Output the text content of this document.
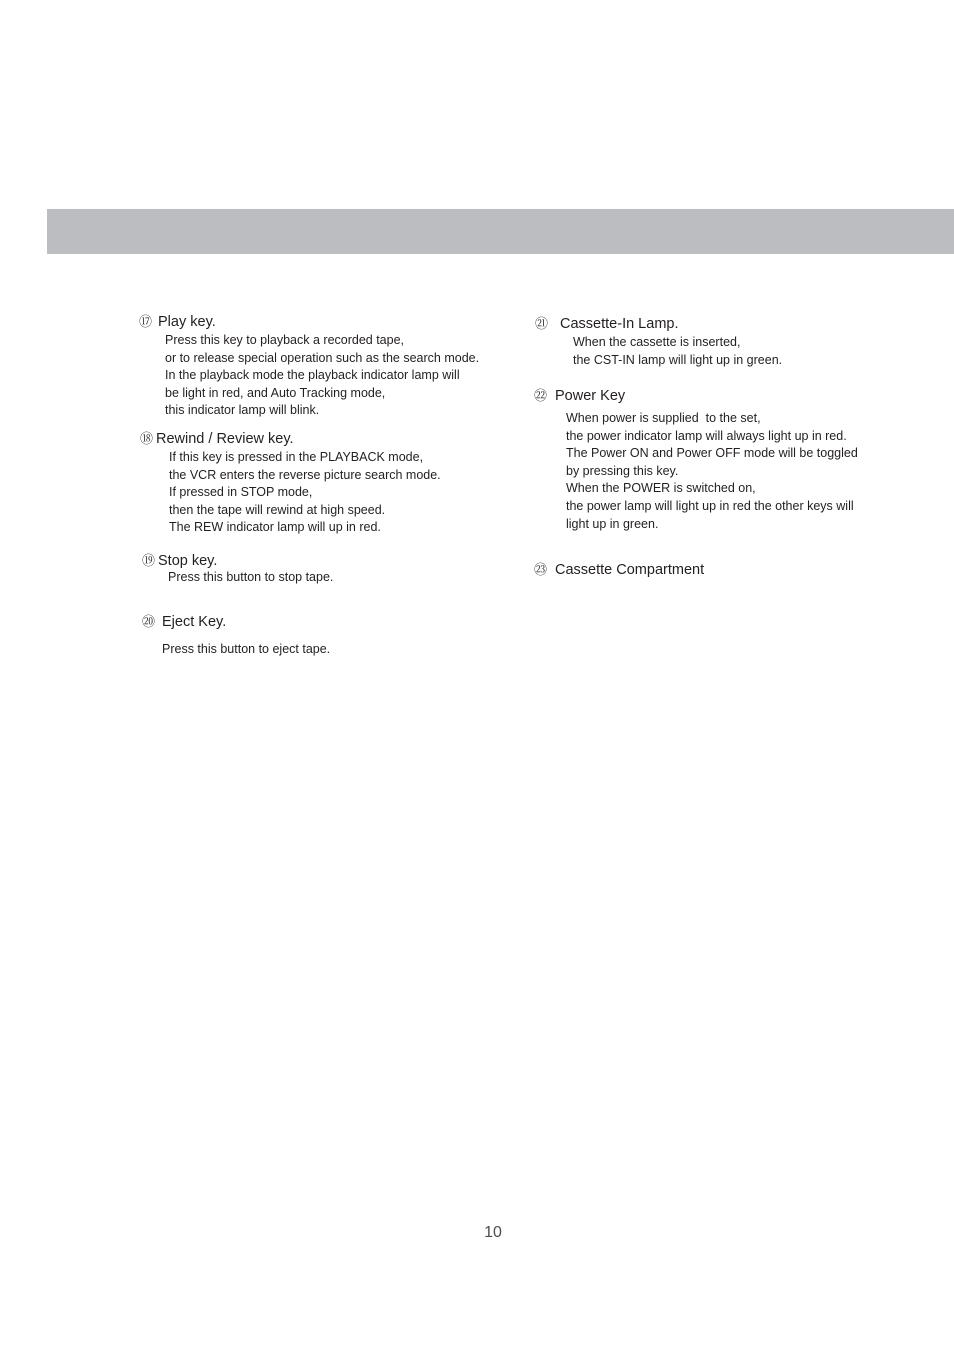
⑰ Play key.
Press this key to playback a recorded tape,
or to release special operation such as the search mode.
In the playback mode the playback indicator lamp will
be light in red, and Auto Tracking mode,
this indicator lamp will blink.
⑱ Rewind / Review key.
If this key is pressed in the PLAYBACK mode,
the VCR enters the reverse picture search mode.
If pressed in STOP mode,
then the tape will rewind at high speed.
The REW indicator lamp will up in red.
⑲ Stop key.
Press this button to stop tape.
⑳ Eject Key.
Press this button to eject tape.
㉑ Cassette-In Lamp.
When the cassette is inserted,
the CST-IN lamp will light up in green.
㉒ Power Key
When power is supplied  to the set,
the power indicator lamp will always light up in red.
The Power ON and Power OFF mode will be toggled
by pressing this key.
When the POWER is switched on,
the power lamp will light up in red the other keys will
light up in green.
㉓ Cassette Compartment
10
